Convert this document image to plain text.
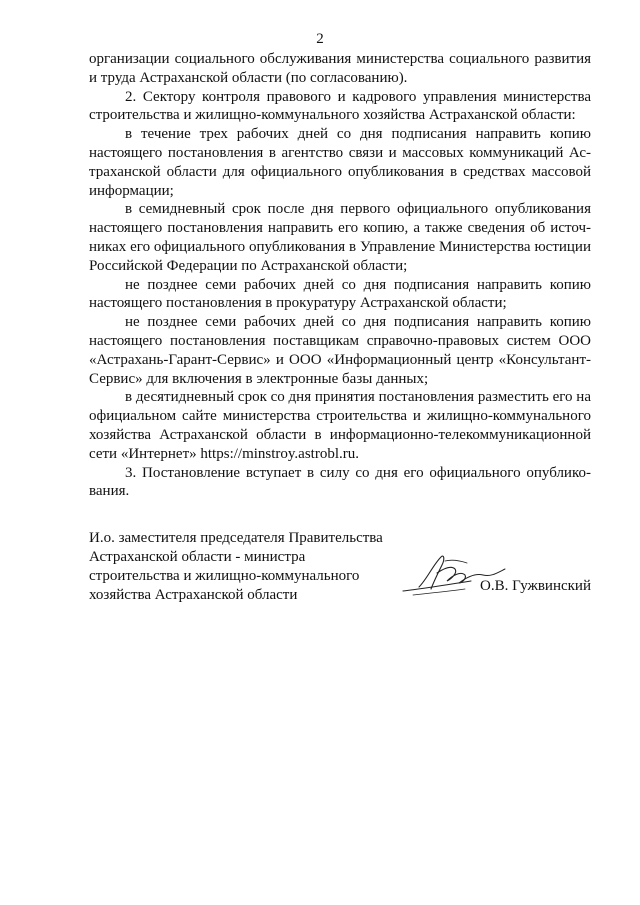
2

организации социального обслуживания министерства социального развития и труда Астраханской области (по согласованию).

2. Сектору контроля правового и кадрового управления министерства строительства и жилищно-коммунального хозяйства Астраханской области:

в течение трех рабочих дней со дня подписания направить копию настоящего постановления в агентство связи и массовых коммуникаций Астраханской области для официального опубликования в средствах массовой информации;

в семидневный срок после дня первого официального опубликования настоящего постановления направить его копию, а также сведения об источниках его официального опубликования в Управление Министерства юстиции Российской Федерации по Астраханской области;

не позднее семи рабочих дней со дня подписания направить копию настоящего постановления в прокуратуру Астраханской области;

не позднее семи рабочих дней со дня подписания направить копию настоящего постановления поставщикам справочно-правовых систем ООО «Астрахань-Гарант-Сервис» и ООО «Информационный центр «Консультант-Сервис» для включения в электронные базы данных;

в десятидневный срок со дня принятия постановления разместить его на официальном сайте министерства строительства и жилищно-коммунального хозяйства Астраханской области в информационно-телекоммуникационной сети «Интернет» https://minstroy.astrobl.ru.

3. Постановление вступает в силу со дня его официального опубликования.

И.о. заместителя председателя Правительства
Астраханской области - министра
строительства и жилищно-коммунального
хозяйства Астраханской области
О.В. Гужвинский
